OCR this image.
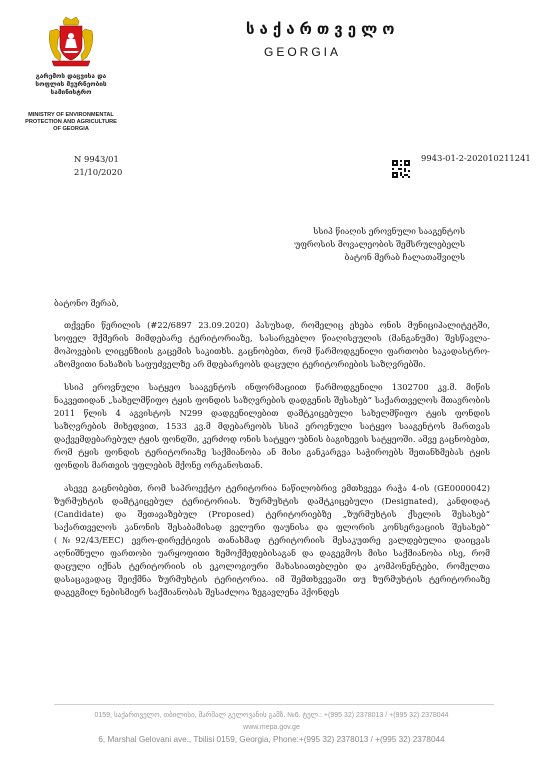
გარემოს დაცვისა და
სოფლის მეურნეობის
სამინისტრო
MINISTRY OF ENVIRONMENTAL
PROTECTION AND AGRICULTURE
OF GEORGIA
საქართველო
GEORGIA
N 9943/01
21/10/2020
9943-01-2-202010211241
სსიპ წიაღის ეროვნული სააგენტოს
უფროსის მოვალეობის შემსრულებელს
ბატონ მერაბ ჩალათაშვილს

ბატონო მერაბ,

თქვენი წერილის (#22/6897 23.09.2020) პასუხად, რომელიც ეხება ონის მუნიციპალიტეტში, სოფელ შქმერის მიმდებარე ტერიტორიაზე, სასარგებლო წიაღისეულის (მანგანუმი) შესწავლა-მოპოვების ლიცენზიის გაცემის საკითხს. გაცნობებთ, რომ წარმოდგენილი ფართობი საკადასტრო-აზომვითი ნახაზის საფუძველზე არ მდებარეობს დაცული ტერიტორიების საზღვრებში.

სსიპ ეროვნული სატყეო სააგენტოს ინფორმაციით წარმოდგენილი 1302700 კვ.მ. მიწის ნაკვეთიდან „სახელმწიფო ტყის ფონდის საზღვრების დადგენის შესახებ“ საქართველოს მთავრობის 2011 წლის 4 აგვისტოს N299 დადგენილებით დამტკიცებული სახელმწიფო ტყის ფონდის საზღვრების მიხედვით, 1533 კვ.მ მდებარეობს სსიპ ეროვნული სატყეო სააგენტოს მართვას დაქვემდებარებულ ტყის ფონდში, კერძოდ ონის სატყეო უბნის ბაგიხევის სატყეოში. ამვე გაცნობებთ, რომ ტყის ფონდის ტერიტორიაზე საქმიანობა ან მისი განკარგვა საჭიროებს შეთანხმებას ტყის ფონდის მართვის უფლების მქონე ორგანოსთან.

ასევე გაცნობებთ, რომ საპროექტო ტერიტორია ნაწილობრივ ემთხვევა რაჭა 4-ის (GE0000042) ზურმუხტის დამტკიცებულ ტერიტორიას. ზურმუხტის დამტკიცებული (Designated), კანდიდატ (Candidate) და შეთავაზებულ (Proposed) ტერიტორიებზე „ზურმუხტის ქსელის შესახებ“ საქართველოს კანონის შესაბამისად ველური ფაუნისა და ფლორის კონსერვაციის შესახებ“ (№92/43/EEC) ევრო-დირექტივის თანახმად ტერიტორიის მესაკუთრე ვალდებულია დაიცვას აღნიშნული ფართობი უარყოფითი ზემოქმედებისაგან და დაგეგმოს მისი საქმიანობა ისე, რომ დაცული იქნას ტერიტორიის ის ეკოლოგიური მახასიათებლები და კომპონენტები, რომელთა დასაცავადაც შეიქმნა ზურმუხტის ტერიტორია. იმ შემთხვევაში თუ ზურმუხტის ტერიტორიაზე დაგეგმილ ნებისმიერ საქმიანობას შესაძლოა ზეგავლენა ჰქონდეს

0159, საქართველო, თბილისი, მარშალ გელოვანის გამზ. №6. ტელ.: +(995 32) 2378013 / +(995 32) 2378044
www.mepa.gov.ge
6, Marshal Gelovani ave., Tbilisi 0159, Georgia, Phone:+(995 32) 2378013 / +(995 32) 2378044
